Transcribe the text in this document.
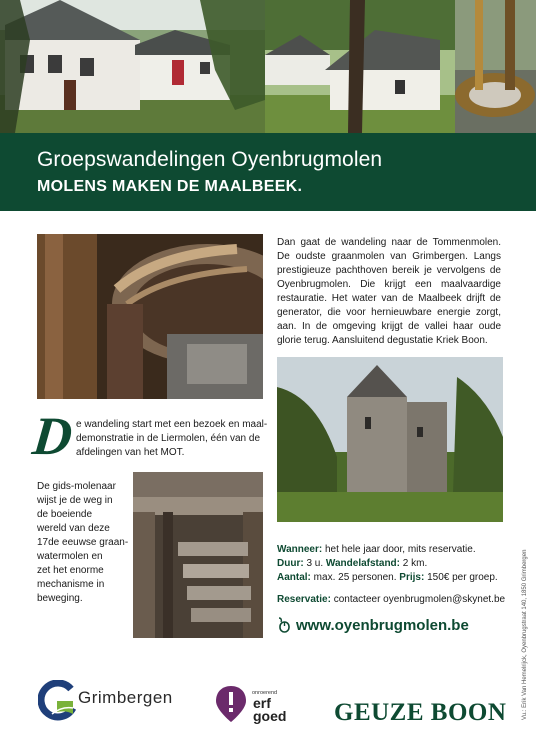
Groepswandelingen Oyenbrugmolen
MOLENS MAKEN DE MAALBEEK.
Dan gaat de wandeling naar de Tommenmolen. De oudste graanmolen van Grimbergen. Langs prestigieuze pachthoven bereik je vervolgens de Oyenbrugmolen. Die krijgt een maalvaardige restauratie. Het water van de Maalbeek drijft de generator, die voor hernieuwbare energie zorgt, aan. In de omgeving krijgt de vallei haar oude glorie terug. Aansluitend degustatie Kriek Boon.
D e wandeling start met een bezoek en maal-
demonstratie in de Liermolen, één van de
afdelingen van het MOT.
De gids-molenaar
wijst je de weg in
de boeiende
wereld van deze
17de eeuwse graan-
watermolen en
zet het enorme
mechanisme in
beweging.
Wanneer: het hele jaar door, mits reservatie.
Duur: 3 u. Wandelafstand: 2 km.
Aantal: max. 25 personen. Prijs: 150€ per groep.
Reservatie: contacteer oyenbrugmolen@skynet.be
www.oyenbrugmolen.be	Vu.: Erik Van Hemelrijck, Oyenbrugstraat 140, 1850 Grimbergen
Grimbergen	onroerend
erf
goed GEUZE BOON
